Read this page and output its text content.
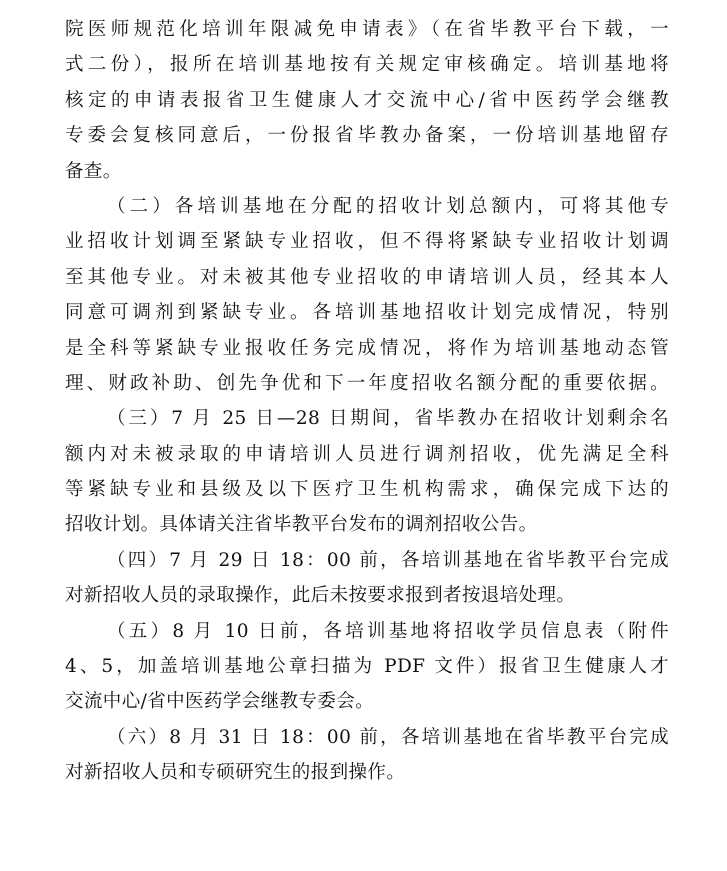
院医师规范化培训年限减免申请表》（在省毕教平台下载，一
式二份），报所在培训基地按有关规定审核确定。培训基地将
核定的申请表报省卫生健康人才交流中心/省中医药学会继教
专委会复核同意后，一份报省毕教办备案，一份培训基地留存
备查。
（二）各培训基地在分配的招收计划总额内，可将其他专
业招收计划调至紧缺专业招收，但不得将紧缺专业招收计划调
至其他专业。对未被其他专业招收的申请培训人员，经其本人
同意可调剂到紧缺专业。各培训基地招收计划完成情况，特别
是全科等紧缺专业报收任务完成情况，将作为培训基地动态管
理、财政补助、创先争优和下一年度招收名额分配的重要依据。
（三）7 月 25 日—28 日期间，省毕教办在招收计划剩余名
额内对未被录取的申请培训人员进行调剂招收，优先满足全科
等紧缺专业和县级及以下医疗卫生机构需求，确保完成下达的
招收计划。具体请关注省毕教平台发布的调剂招收公告。
（四）7 月 29 日 18：00 前，各培训基地在省毕教平台完成
对新招收人员的录取操作，此后未按要求报到者按退培处理。
（五）8 月 10 日前，各培训基地将招收学员信息表（附件
4、5，加盖培训基地公章扫描为 PDF 文件）报省卫生健康人才
交流中心/省中医药学会继教专委会。
（六）8 月 31 日 18：00 前，各培训基地在省毕教平台完成
对新招收人员和专硕研究生的报到操作。
